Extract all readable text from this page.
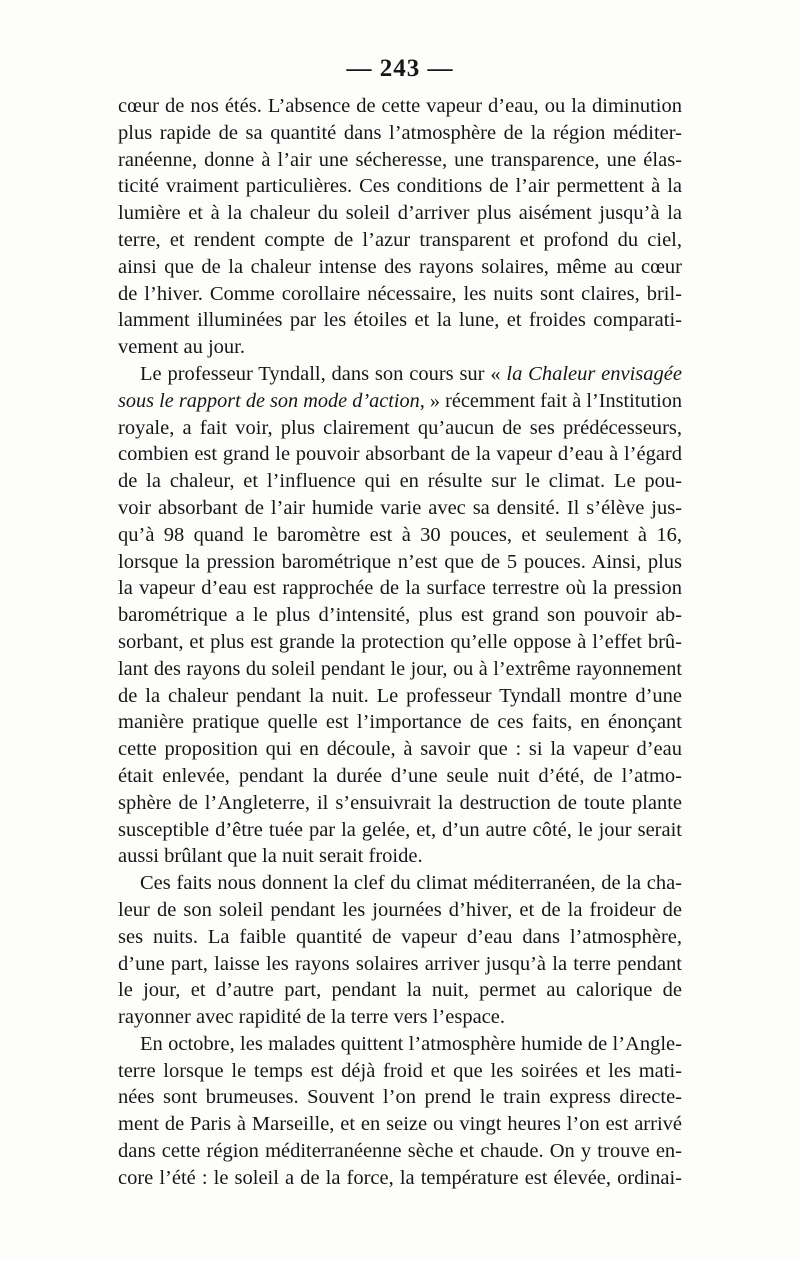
— 243 —
cœur de nos étés. L’absence de cette vapeur d’eau, ou la diminution
plus rapide de sa quantité dans l’atmosphère de la région méditer-
ranéenne, donne à l’air une sécheresse, une transparence, une élas-
ticité vraiment particulières. Ces conditions de l’air permettent à la
lumière et à la chaleur du soleil d’arriver plus aisément jusqu’à la
terre, et rendent compte de l’azur transparent et profond du ciel,
ainsi que de la chaleur intense des rayons solaires, même au cœur
de l’hiver. Comme corollaire nécessaire, les nuits sont claires, bril-
lamment illuminées par les étoiles et la lune, et froides comparati-
vement au jour.
Le professeur Tyndall, dans son cours sur « la Chaleur envisagée
sous le rapport de son mode d’action, » récemment fait à l’Institution
royale, a fait voir, plus clairement qu’aucun de ses prédécesseurs,
combien est grand le pouvoir absorbant de la vapeur d’eau à l’égard
de la chaleur, et l’influence qui en résulte sur le climat. Le pou-
voir absorbant de l’air humide varie avec sa densité. Il s’élève jus-
qu’à 98 quand le baromètre est à 30 pouces, et seulement à 16,
lorsque la pression barométrique n’est que de 5 pouces. Ainsi, plus
la vapeur d’eau est rapprochée de la surface terrestre où la pression
barométrique a le plus d’intensité, plus est grand son pouvoir ab-
sorbant, et plus est grande la protection qu’elle oppose à l’effet brû-
lant des rayons du soleil pendant le jour, ou à l’extrême rayonnement
de la chaleur pendant la nuit. Le professeur Tyndall montre d’une
manière pratique quelle est l’importance de ces faits, en énonçant
cette proposition qui en découle, à savoir que : si la vapeur d’eau
était enlevée, pendant la durée d’une seule nuit d’été, de l’atmo-
sphère de l’Angleterre, il s’ensuivrait la destruction de toute plante
susceptible d’être tuée par la gelée, et, d’un autre côté, le jour serait
aussi brûlant que la nuit serait froide.
Ces faits nous donnent la clef du climat méditerranéen, de la cha-
leur de son soleil pendant les journées d’hiver, et de la froideur de
ses nuits. La faible quantité de vapeur d’eau dans l’atmosphère,
d’une part, laisse les rayons solaires arriver jusqu’à la terre pendant
le jour, et d’autre part, pendant la nuit, permet au calorique de
rayonner avec rapidité de la terre vers l’espace.
En octobre, les malades quittent l’atmosphère humide de l’Angle-
terre lorsque le temps est déjà froid et que les soirées et les mati-
nées sont brumeuses. Souvent l’on prend le train express directe-
ment de Paris à Marseille, et en seize ou vingt heures l’on est arrivé
dans cette région méditerranéenne sèche et chaude. On y trouve en-
core l’été : le soleil a de la force, la température est élevée, ordinai-
